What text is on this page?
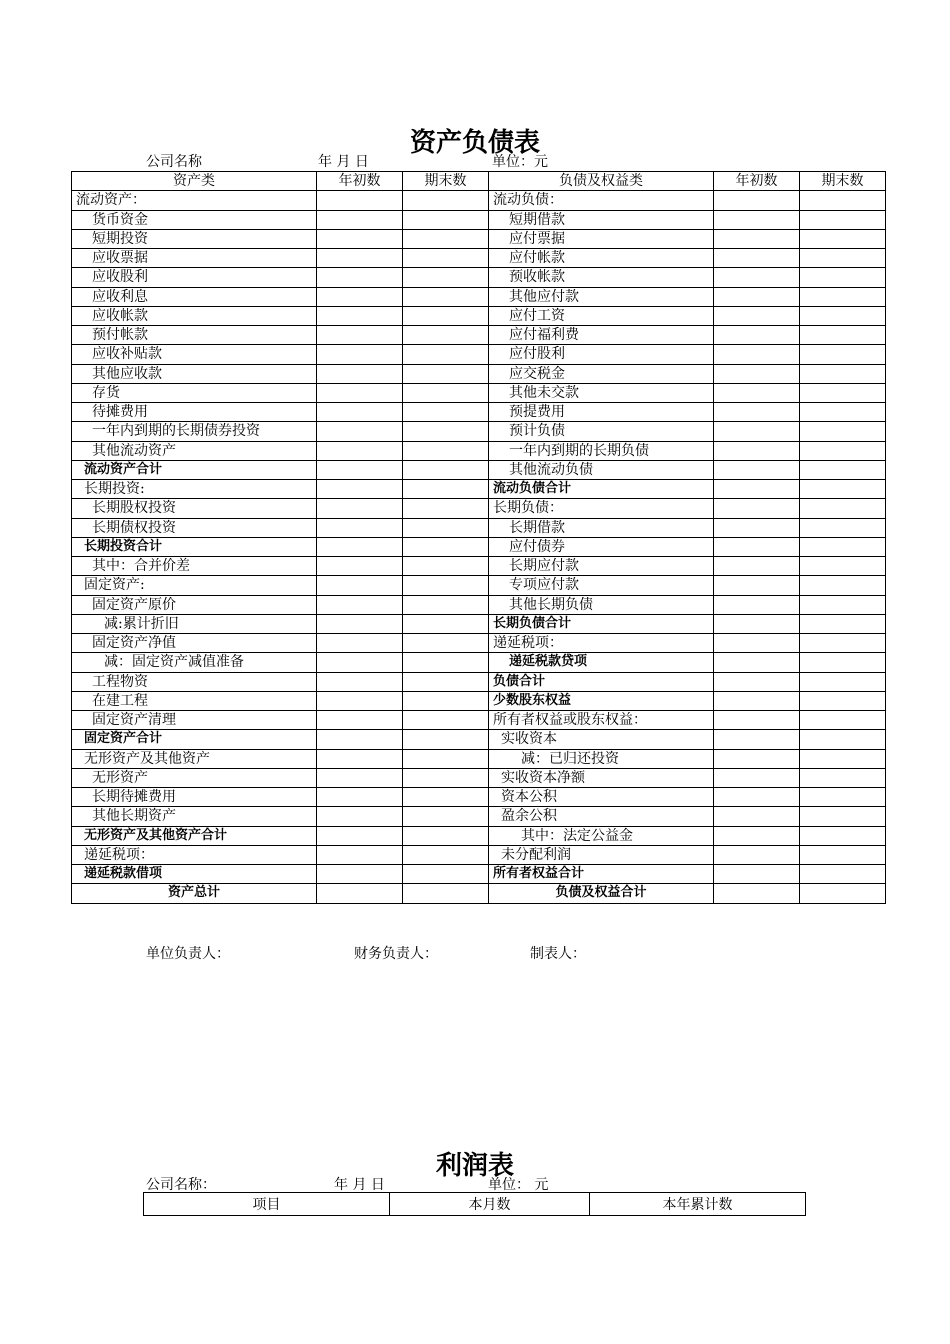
资产负债表
公司名称	年 月 日	单位：元
资产类	年初数	期末数	负债及权益类	年初数	期末数
流动资产：			流动负债：		
货币资金			短期借款		
短期投资			应付票据		
应收票据			应付帐款		
应收股利			预收帐款		
应收利息			其他应付款		
应收帐款			应付工资		
预付帐款			应付福利费		
应收补贴款			应付股利		
其他应收款			应交税金		
存货			其他未交款		
待摊费用			预提费用		
一年内到期的长期债券投资			预计负债		
其他流动资产			一年内到期的长期负债		
流动资产合计			其他流动负债		
长期投资:			流动负债合计		
长期股权投资			长期负债：		
长期债权投资			长期借款		
长期投资合计			应付债券		
其中：合并价差			长期应付款		
固定资产:			专项应付款		
固定资产原价			其他长期负债		
减:累计折旧			长期负债合计		
固定资产净值			递延税项：		
减：固定资产减值准备			递延税款贷项		
工程物资			负债合计		
在建工程			少数股东权益		
固定资产清理			所有者权益或股东权益：		
固定资产合计			实收资本		
无形资产及其他资产			减：已归还投资		
无形资产			实收资本净额		
长期待摊费用			资本公积		
其他长期资产			盈余公积		
无形资产及其他资产合计			其中：法定公益金		
递延税项：			未分配利润		
递延税款借项			所有者权益合计		
资产总计			负债及权益合计		
单位负责人：	财务负责人：	制表人：
利润表
公司名称：	年 月 日	单位： 元
项目	本月数	本年累计数
